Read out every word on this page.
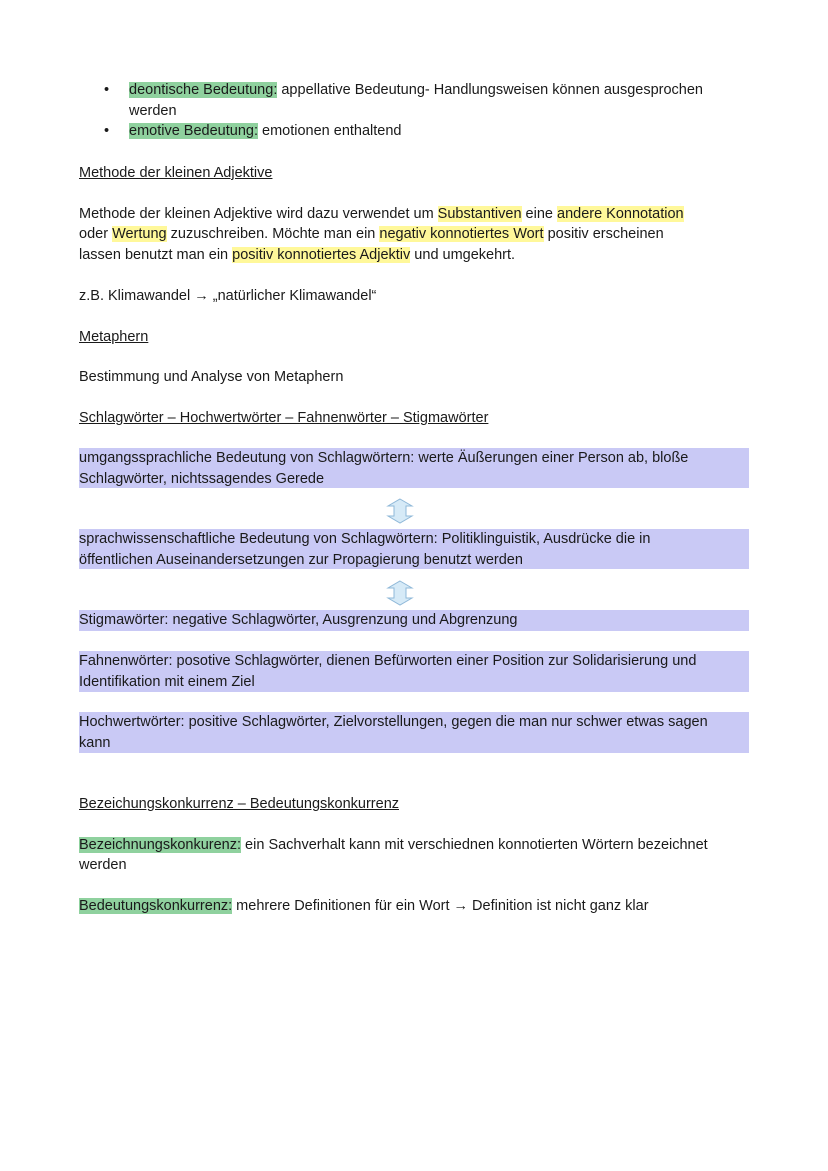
• deontische Bedeutung: appellative Bedeutung- Handlungsweisen können ausgesprochen
werden
• emotive Bedeutung: emotionen enthaltend
Methode der kleinen Adjektive
Methode der kleinen Adjektive wird dazu verwendet um Substantiven eine andere Konnotation
oder Wertung zuzuschreiben. Möchte man ein negativ konnotiertes Wort positiv erscheinen
lassen benutzt man ein positiv konnotiertes Adjektiv und umgekehrt.
z.B. Klimawandel → „natürlicher Klimawandel“
Metaphern
Bestimmung und Analyse von Metaphern
Schlagwörter – Hochwertwörter – Fahnenwörter – Stigmawörter
umgangssprachliche Bedeutung von Schlagwörtern: werte Äußerungen einer Person ab, bloße
Schlagwörter, nichtssagendes Gerede
sprachwissenschaftliche Bedeutung von Schlagwörtern: Politiklinguistik, Ausdrücke die in
öffentlichen Auseinandersetzungen zur Propagierung benutzt werden
Stigmawörter: negative Schlagwörter, Ausgrenzung und Abgrenzung
Fahnenwörter: posotive Schlagwörter, dienen Befürworten einer Position zur Solidarisierung und
Identifikation mit einem Ziel
Hochwertwörter: positive Schlagwörter, Zielvorstellungen, gegen die man nur schwer etwas sagen
kann
Bezeichungskonkurrenz – Bedeutungskonkurrenz
Bezeichnungskonkurenz: ein Sachverhalt kann mit verschiednen konnotierten Wörtern bezeichnet
werden
Bedeutungskonkurrenz: mehrere Definitionen für ein Wort → Definition ist nicht ganz klar
